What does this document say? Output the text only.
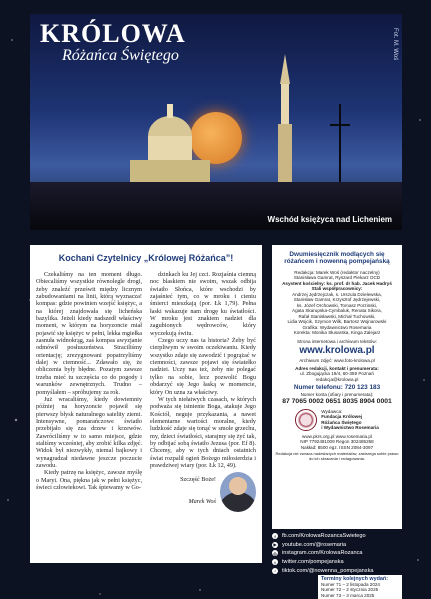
KRÓLOWA
Różańca Świętego	Fot. M. Woś
Wschód księżyca nad Licheniem
Kochani Czytelnicy „Królowej Różańca”!

Czekaliśmy na ten moment długo. Obiecaliśmy wszystkie równolegle drogi, żeby znaleźć prześwit między licznym zabudowaniami na linii, którą wyznacza! kompas: gdzie powinien wzejść księżyc, a na której znajdowała się licheńska bazylika. Jeżeli kiedy nadszedł właściwy moment, w którym na horyzoncie miał pojawić się księżyc w pełni, lekka mgiełka zasnuła widnokrąg, zaś kompas awyzjanie odmówił posłuszeństwa. Straciliśmy orientację; zrezygnowani popatrzyliśmy dalej w ciemność... Zdawało się, że obliczenia były błędne. Pozatym zawsze trzeba mieć tu szczęścia co do pogody i warunków zewnętrznych. Trudno – pomyślałem – spróbujemy za rok.

Już wracaliśmy, kiedy dowiemniy później na horyzoncie pojawił się pierwszy błysk naturalnego satelity ziemi. Intensywne, pomarańczowe światło przebijało się zza drzew i krzewów. Zawróciliśmy w to samo miejsce, gdzie staliśmy wcześniej, aby zrobić kilka zdjęć. Widok był niezwykły, niemal bajkowy i wynagradzał niedawne jeszcze poczucie zawodu.

Kiedy patrzę na księżyc, zawsze myślę o Maryi. Ona, piękna jak w pełni księżyc, świeci człowiekowi. Tak śpiewamy w Go-

dzinkach ku Jej czci. Rozjaśnia ciemną noc blaskiem nie swoim, wszak odbija światło Słońca, które wschodzi by zajaśnieć tym, co w mroku i cieniu śmierci mieszkają (por. Łk 1,79). Pełna łaski wskazuje nam drogę ku światłości. W mroku jest znakiem nadziei dla zagubionych wędrowców, który wyczekują świtu.

Czego uczy nas ta historia? Żeby być cierpliwym w swoim oczekiwaniu. Kiedy wszystko zdaje się zawodzić i pogrążać w ciemności, zawsze pojawi się światełko nadziei. Uczy nas też, żeby nie polegać tylko na sobie, lecz pozwolić Bogu obdarzyć się Jego łaską w momencie, który On uzna za właściwy.

W tych niełatwych czasach, w których podważa się istnienie Boga, atakuje Jego Kościół, neguje przykazania, a nawet elementarne wartości moralne, kiedy ludzkość zdaje się tonąć w smole grzechu, my, dzieci światłości, starajmy się żyć tak, by odbijać sobą światło Jezusa (por. Ef 8). Chcemy, aby w tych dniach ostatnich świat rozpalił ogień Bożego miłosierdzia i prawdziwej wiary (por. Łk 12, 49).

Szczęść Boże!
Marek Woś
Dwumiesięcznik modlących się różańcem i nowenną pompejańską
Redakcja: Marek Woś (redaktor naczelny)
Stanisława Gamrat, Ryszard Piekarz OCD
Asystent kościelny: ks. prof. dr hab. Jacek Hadryś
Stali współpracownicy:
Andrzej Jędrzejczak, s. Urszula Dzielewska,
Stanisław Gamrat, Krzysztof Jędrzejewski,
ks. Józef Orchowski, Tomasz Porzinski,
Agata Skarupska-Cymbaluk, Renata Sikora,
Rafał Stanisławski, Michał Tuchowski,
Lidia Wojcik, Szymon Wilk, Bartosz Wojnarowski
Grafika: Wydawnictwo Rosemaria
Korekta: Monika Słusarska, Kinga Zalejarz
Strona internetowa i archiwum tekstów:
www.krolowa.pl
Archiwum zdjęć: www.foto-krolowa.pl
Adres redakcji, kontakt i prenumerata:
ul. Zbogującka 19/4, 60-359 Poznań
redakcja@krolowa.pl
Numer telefonu: 720 123 183
Numer konta (ofiary i prenumerata):
87 7065 0002 0651 8035 8904 0001
Wydawca:
Fundacja Królowej
Różańca Świętego
i Wydawnictwo Rosemaria
www.pkrs.org.pl www.rosemaria.pl
NIP 7792481009 Regon 302485268
Nakład: 8500 egz. ISSN 2084-3097
Redakcja nie zwraca nadesłanych materiałów, zastrzega sobie prawo do ich skracania i redagowania.
f	fb.com/KrolowaRozancaSwietego
▶ youtube.com/@rosemaria
◎ instagram.com/KrolowaRozanca
t	twitter.com/pompejanska
♪	tiktok.com/@nowenna_pompejanska
Terminy kolejnych wydań:
Numer 71 – 2 listopada 2024
Numer 72 – 2 stycznia 2025
Numer 73 – 3 marca 2025
